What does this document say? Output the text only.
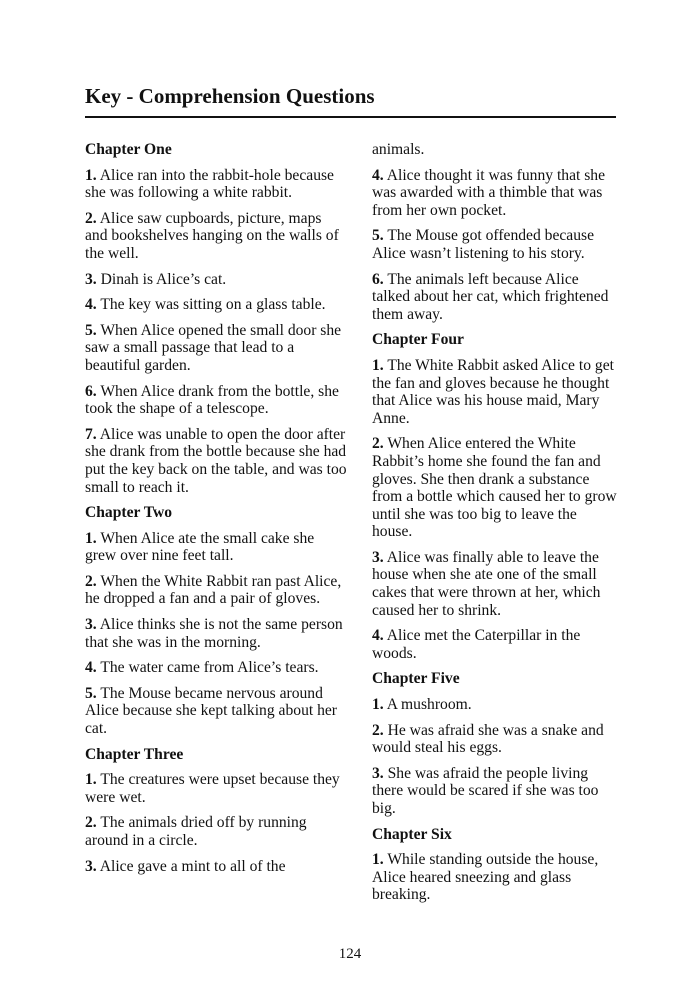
Key - Comprehension Questions
Chapter One
1. Alice ran into the rabbit-hole because she was following a white rabbit.
2. Alice saw cupboards, picture, maps and bookshelves hanging on the walls of the well.
3. Dinah is Alice’s cat.
4. The key was sitting on a glass table.
5. When Alice opened the small door she saw a small passage that lead to a beautiful garden.
6. When Alice drank from the bottle, she took the shape of a telescope.
7. Alice was unable to open the door after she drank from the bottle because she had put the key back on the table, and was too small to reach it.
Chapter Two
1. When Alice ate the small cake she grew over nine feet tall.
2. When the White Rabbit ran past Alice, he dropped a fan and a pair of gloves.
3. Alice thinks she is not the same person that she was in the morning.
4. The water came from Alice’s tears.
5. The Mouse became nervous around Alice because she kept talking about her cat.
Chapter Three
1. The creatures were upset because they were wet.
2. The animals dried off by running around in a circle.
3. Alice gave a mint to all of the
animals.
4. Alice thought it was funny that she was awarded with a thimble that was from her own pocket.
5. The Mouse got offended because Alice wasn’t listening to his story.
6. The animals left because Alice talked about her cat, which frightened them away.
Chapter Four
1. The White Rabbit asked Alice to get the fan and gloves because he thought that Alice was his house maid, Mary Anne.
2. When Alice entered the White Rabbit’s home she found the fan and gloves. She then drank a substance from a bottle which caused her to grow until she was too big to leave the house.
3. Alice was finally able to leave the house when she ate one of the small cakes that were thrown at her, which caused her to shrink.
4. Alice met the Caterpillar in the woods.
Chapter Five
1. A mushroom.
2. He was afraid she was a snake and would steal his eggs.
3. She was afraid the people living there would be scared if she was too big.
Chapter Six
1. While standing outside the house, Alice heared sneezing and glass breaking.
124
